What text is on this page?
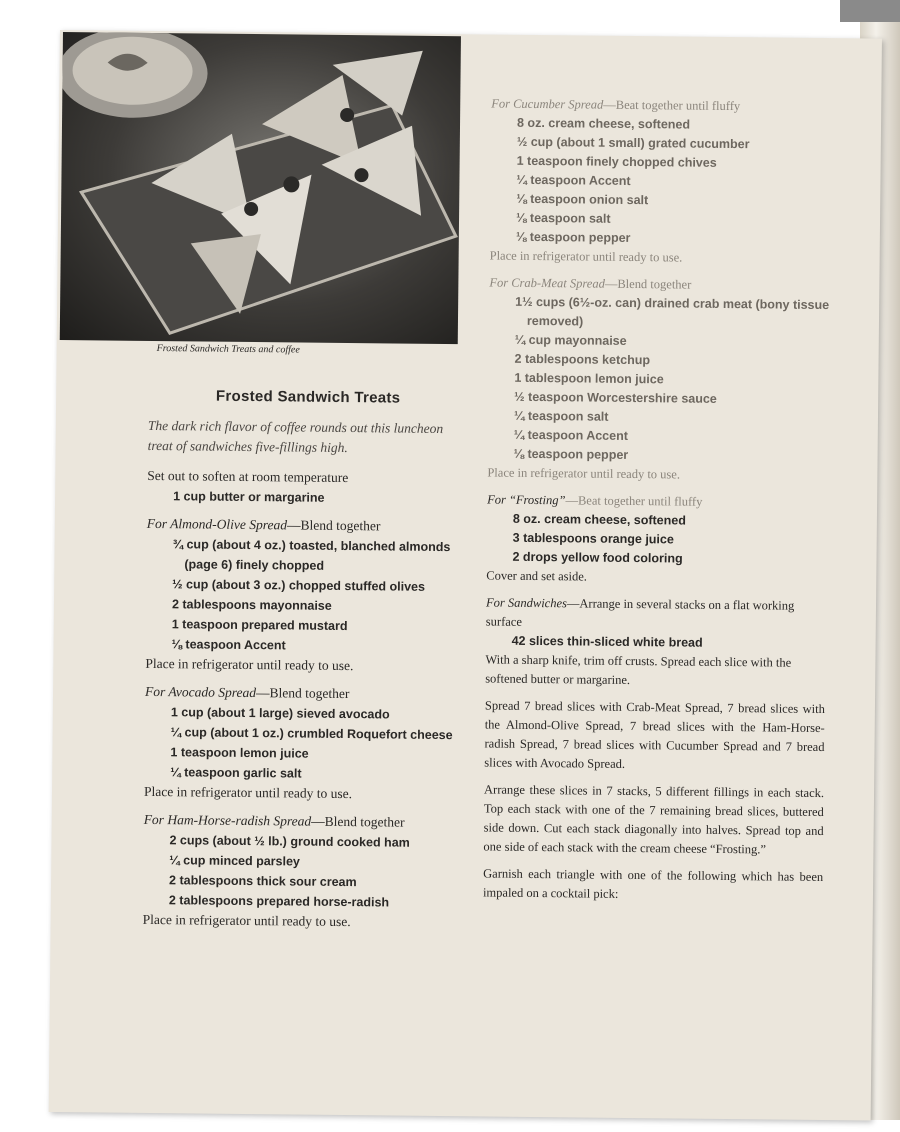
Frosted Sandwich Treats and coffee
Frosted Sandwich Treats
The dark rich flavor of coffee rounds out this luncheon treat of sandwiches five-fillings high.

Set out to soften at room temperature

1 cup butter or margarine

For Almond-Olive Spread—Blend together

¾ cup (about 4 oz.) toasted, blanched almonds (page 6) finely chopped

½ cup (about 3 oz.) chopped stuffed olives

2 tablespoons mayonnaise

1 teaspoon prepared mustard

⅛ teaspoon Accent

Place in refrigerator until ready to use.

For Avocado Spread—Blend together

1 cup (about 1 large) sieved avocado

¼ cup (about 1 oz.) crumbled Roquefort cheese

1 teaspoon lemon juice

¼ teaspoon garlic salt

Place in refrigerator until ready to use.

For Ham-Horse-radish Spread—Blend together

2 cups (about ½ lb.) ground cooked ham

¼ cup minced parsley

2 tablespoons thick sour cream

2 tablespoons prepared horse-radish

Place in refrigerator until ready to use.

For Cucumber Spread—Beat together until fluffy

8 oz. cream cheese, softened

½ cup (about 1 small) grated cucumber

1 teaspoon finely chopped chives

¼ teaspoon Accent

⅛ teaspoon onion salt

⅛ teaspoon salt

⅛ teaspoon pepper

Place in refrigerator until ready to use.

For Crab-Meat Spread—Blend together

1½ cups (6½-oz. can) drained crab meat (bony tissue removed)

¼ cup mayonnaise

2 tablespoons ketchup

1 tablespoon lemon juice

½ teaspoon Worcestershire sauce

¼ teaspoon salt

¼ teaspoon Accent

⅛ teaspoon pepper

Place in refrigerator until ready to use.

For “Frosting”—Beat together until fluffy

8 oz. cream cheese, softened

3 tablespoons orange juice

2 drops yellow food coloring

Cover and set aside.

For Sandwiches—Arrange in several stacks on a flat working surface

42 slices thin-sliced white bread

With a sharp knife, trim off crusts. Spread each slice with the softened butter or margarine.

Spread 7 bread slices with Crab-Meat Spread, 7 bread slices with the Almond-Olive Spread, 7 bread slices with the Ham-Horse-radish Spread, 7 bread slices with Cucumber Spread and 7 bread slices with Avocado Spread.

Arrange these slices in 7 stacks, 5 different fillings in each stack. Top each stack with one of the 7 remaining bread slices, buttered side down. Cut each stack diagonally into halves. Spread top and one side of each stack with the cream cheese “Frosting.”

Garnish each triangle with one of the following which has been impaled on a cocktail pick:
